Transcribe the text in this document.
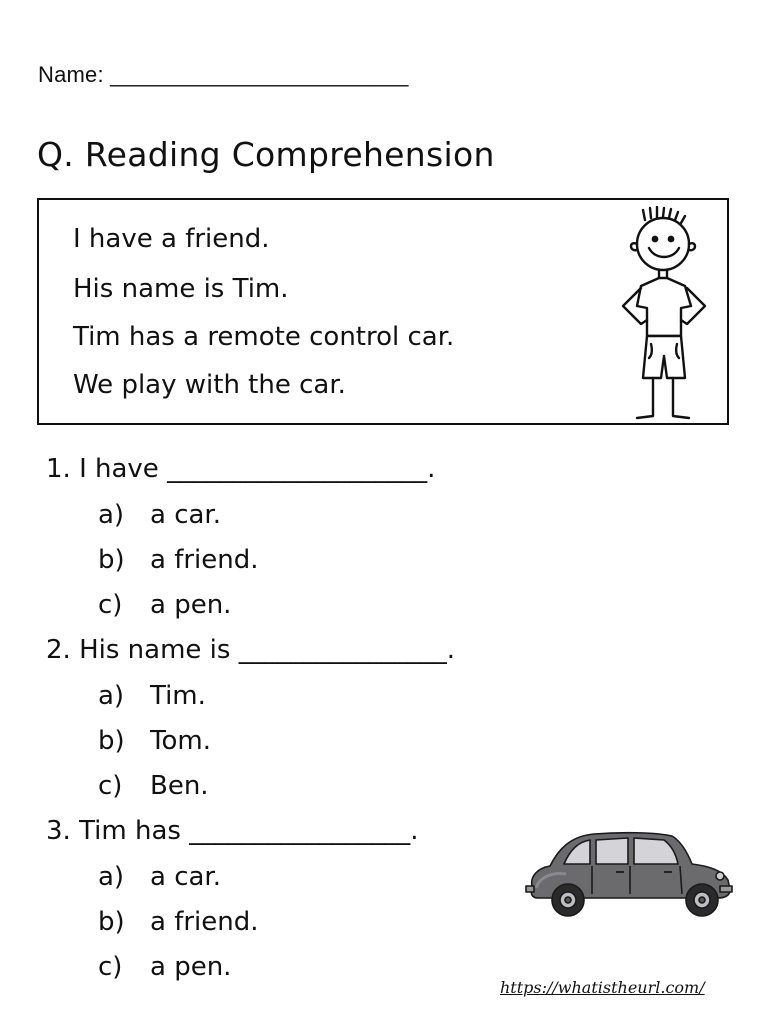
Name: ________________________
Q. Reading Comprehension
I have a friend.
His name is Tim.
Tim has a remote control car.
We play with the car.
1. I have ____________________.
a) a car.
b) a friend.
c) a pen.
2. His name is ________________.
a) Tim.
b) Tom.
c) Ben.
3. Tim has _________________.
a) a car.
b) a friend.
c) a pen.
https://whatistheurl.com/
